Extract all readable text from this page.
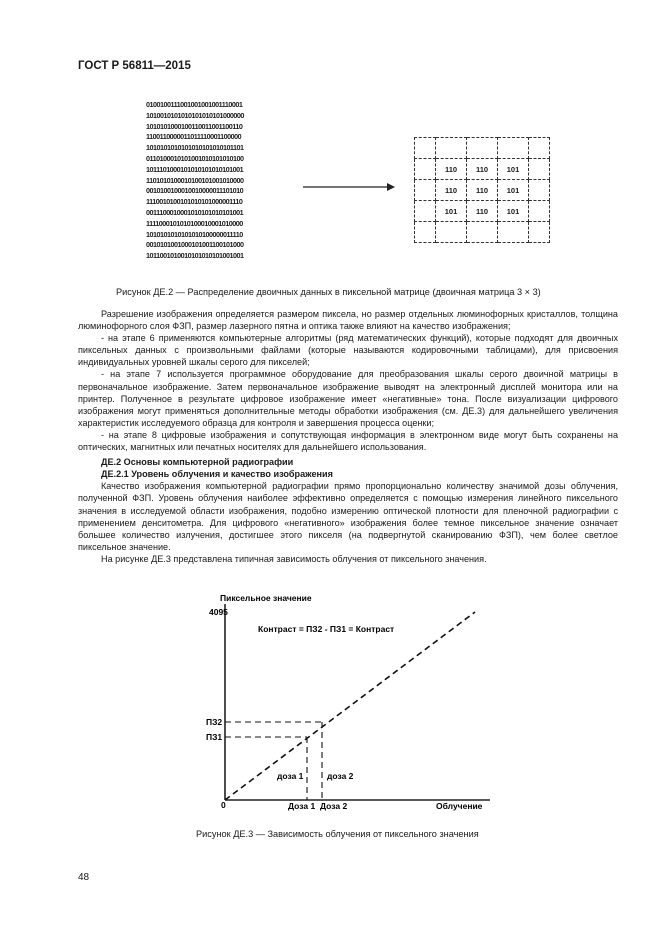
ГОСТ Р 56811—2015
0100100111001001001001110001
1010010101010101010101000000
1010101000100110011001100110
1100110000011011110001100000
1010101010101010101010101101
0110100010101001010101010100
1011101000101010101010101001
1101010100010100101001010000
0010100100010010000011101010
1110010100101010101000001110
0011100010001010101010101001
1111000101010100010001010000
1010101010101010100000011110
0010101001000101001100101000
1011001010010101010101001001

	110	110	101	
	110	110	101	
	101	110	101	

Рисунок ДЕ.2 — Распределение двоичных данных в пиксельной матрице (двоичная матрица 3 × 3)

Разрешение изображения определяется размером пиксела, но размер отдельных люминофорных кристаллов, толщина люминофорного слоя ФЗП, размер лазерного пятна и оптика также влияют на качество изображения;

- на этапе 6 применяются компьютерные алгоритмы (ряд математических функций), которые подходят для двоичных пиксельных данных с произвольными файлами (которые называются кодировочными таблицами), для присвоения индивидуальных уровней шкалы серого для пикселей;

- на этапе 7 используется программное оборудование для преобразования шкалы серого двоичной матрицы в первоначальное изображение. Затем первоначальное изображение выводят на электронный дисплей монитора или на принтер. Полученное в результате цифровое изображение имеет «негативные» тона. После визуализации цифрового изображения могут применяться дополнительные методы обработки изображения (см. ДЕ.3) для дальнейшего увеличения характеристик исследуемого образца для контроля и завершения процесса оценки;

- на этапе 8 цифровые изображения и сопутствующая информация в электронном виде могут быть сохранены на оптических, магнитных или печатных носителях для дальнейшего использования.

ДЕ.2 Основы компьютерной радиографии

ДЕ.2.1 Уровень облучения и качество изображения

Качество изображения компьютерной радиографии прямо пропорционально количеству значимой дозы облучения, полученной ФЗП. Уровень облучения наиболее эффективно определяется с помощью измерения линейного пиксельного значения в исследуемой области изображения, подобно измерению оптической плотности для пленочной радиографии с применением денситометра. Для цифрового «негативного» изображения более темное пиксельное значение означает большее количество излучения, достигшее этого пикселя (на подвергнутой сканированию ФЗП), чем более светлое пиксельное значение.

На рисунке ДЕ.3 представлена типичная зависимость облучения от пиксельного значения.

Пиксельное значение
4095
0	Облучение
Контраст = ПЗ2 - ПЗ1 = Контраст
ПЗ2
ПЗ1
доза 1	доза 2
Доза 1 Доза 2
Рисунок ДЕ.3 — Зависимость облучения от пиксельного значения
48
